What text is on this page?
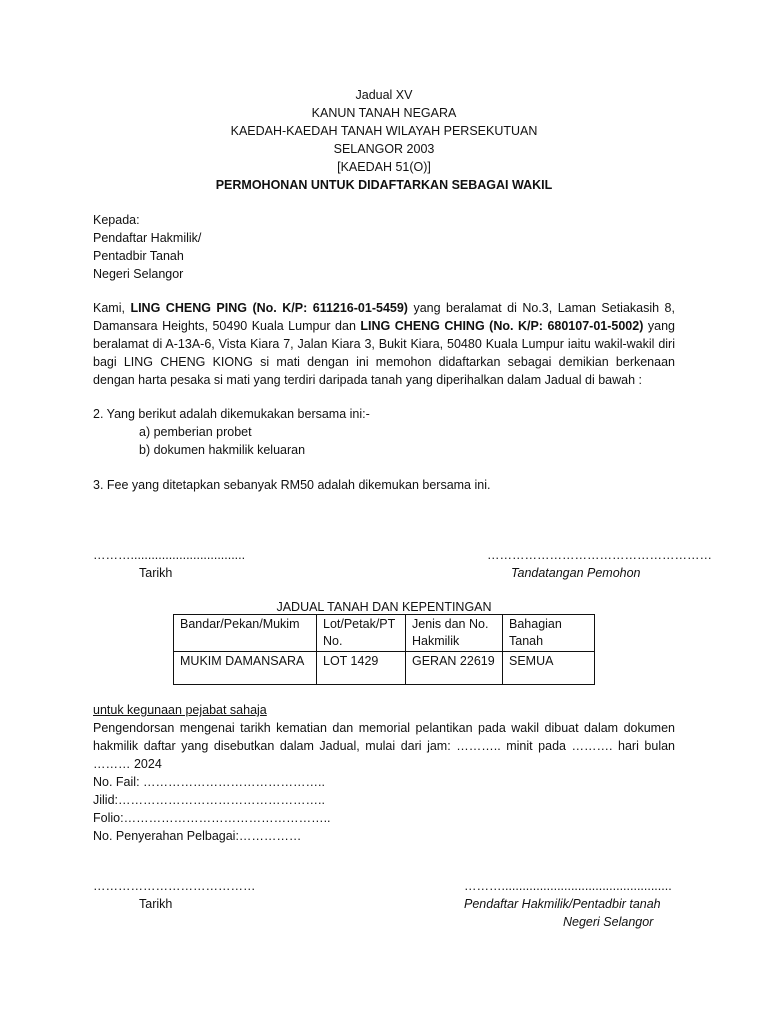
Jadual XV
KANUN TANAH NEGARA
KAEDAH-KAEDAH TANAH WILAYAH PERSEKUTUAN
SELANGOR 2003
[KAEDAH 51(O)]
PERMOHONAN UNTUK DIDAFTARKAN SEBAGAI WAKIL
Kepada:
Pendaftar Hakmilik/
Pentadbir Tanah
Negeri Selangor
Kami, LING CHENG PING (No. K/P: 611216-01-5459) yang beralamat di No.3, Laman Setiakasih 8, Damansara Heights, 50490 Kuala Lumpur dan LING CHENG CHING (No. K/P: 680107-01-5002) yang beralamat di A-13A-6, Vista Kiara 7, Jalan Kiara 3, Bukit Kiara, 50480 Kuala Lumpur iaitu wakil-wakil diri bagi LING CHENG KIONG si mati dengan ini memohon didaftarkan sebagai demikian berkenaan dengan harta pesaka si mati yang terdiri daripada tanah yang diperihalkan dalam Jadual di bawah :
2. Yang berikut adalah dikemukakan bersama ini:-
a) pemberian probet
b) dokumen hakmilik keluaran
3. Fee yang ditetapkan sebanyak RM50 adalah dikemukan bersama ini.
……….................................
Tarikh
………………………………………………
Tandatangan Pemohon
JADUAL TANAH DAN KEPENTINGAN
Bandar/Pekan/Mukim	Lot/Petak/PT No.	Jenis dan No. Hakmilik	Bahagian Tanah
MUKIM DAMANSARA	LOT 1429	GERAN 22619	SEMUA
untuk kegunaan pejabat sahaja
Pengendorsan mengenai tarikh kematian dan memorial pelantikan pada wakil dibuat dalam dokumen hakmilik daftar yang disebutkan dalam Jadual, mulai dari jam: ……….. minit pada ………. hari bulan ……… 2024
No. Fail: ……………………………………..
Jilid:…………………………………………..
Folio:…………………………………………..
No. Penyerahan Pelbagai:……………
…………………………………
Tarikh
……….................................................
Pendaftar Hakmilik/Pentadbir tanah
Negeri Selangor
